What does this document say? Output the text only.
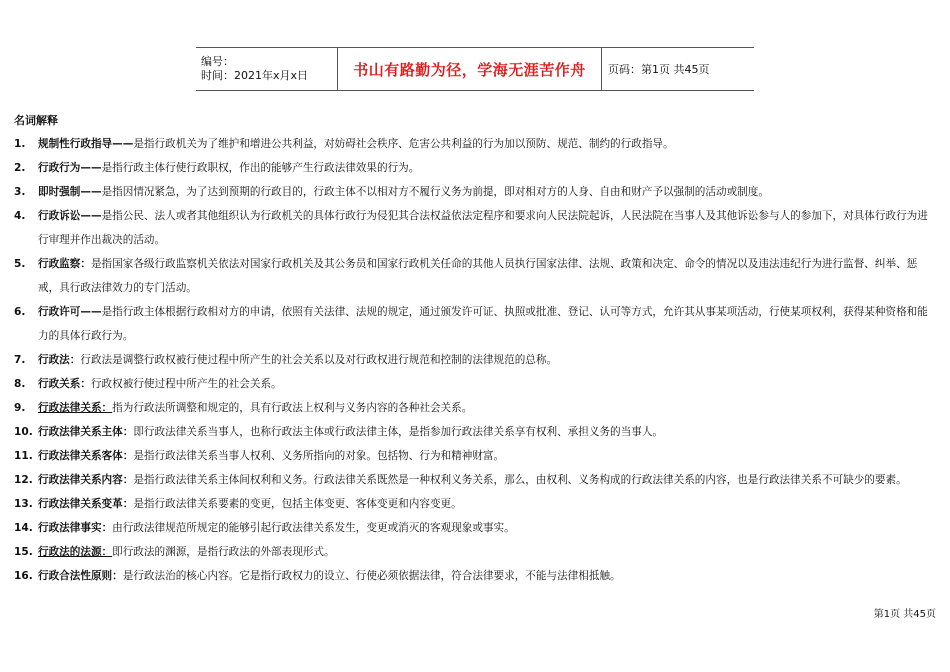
编号：
时间：2021年x月x日	书山有路勤为径，学海无涯苦作舟	页码：第1页 共45页
名词解释
1. 规制性行政指导——是指行政机关为了维护和增进公共利益，对妨碍社会秩序、危害公共利益的行为加以预防、规范、制约的行政指导。
2. 行政行为——是指行政主体行使行政职权，作出的能够产生行政法律效果的行为。
3. 即时强制——是指因情况紧急，为了达到预期的行政目的，行政主体不以相对方不履行义务为前提，即对相对方的人身、自由和财产予以强制的活动或制度。
4. 行政诉讼——是指公民、法人或者其他组织认为行政机关的具体行政行为侵犯其合法权益依法定程序和要求向人民法院起诉，人民法院在当事人及其他诉讼参与人的参加下，对具体行政行为进行审理并作出裁决的活动。
5. 行政监察：是指国家各级行政监察机关依法对国家行政机关及其公务员和国家行政机关任命的其他人员执行国家法律、法规、政策和决定、命令的情况以及违法违纪行为进行监督、纠举、惩戒，具行政法律效力的专门活动。
6. 行政许可——是指行政主体根据行政相对方的申请，依照有关法律、法规的规定，通过颁发许可证、执照或批准、登记、认可等方式，允许其从事某项活动，行使某项权利，获得某种资格和能力的具体行政行为。
7. 行政法：行政法是调整行政权被行使过程中所产生的社会关系以及对行政权进行规范和控制的法律规范的总称。
8. 行政关系：行政权被行使过程中所产生的社会关系。
9. 行政法律关系：指为行政法所调整和规定的，具有行政法上权利与义务内容的各种社会关系。
10. 行政法律关系主体：即行政法律关系当事人，也称行政法主体或行政法律主体，是指参加行政法律关系享有权利、承担义务的当事人。
11. 行政法律关系客体：是指行政法律关系当事人权利、义务所指向的对象。包括物、行为和精神财富。
12. 行政法律关系内容：是指行政法律关系主体间权利和义务。行政法律关系既然是一种权利义务关系，那么，由权利、义务构成的行政法律关系的内容，也是行政法律关系不可缺少的要素。
13. 行政法律关系变革：是指行政法律关系要素的变更，包括主体变更、客体变更和内容变更。
14. 行政法律事实：由行政法律规范所规定的能够引起行政法律关系发生，变更或消灭的客观现象或事实。
15. 行政法的法源：即行政法的渊源，是指行政法的外部表现形式。
16. 行政合法性原则：是行政法治的核心内容。它是指行政权力的设立、行使必须依据法律，符合法律要求，不能与法律相抵触。
第1页 共45页
